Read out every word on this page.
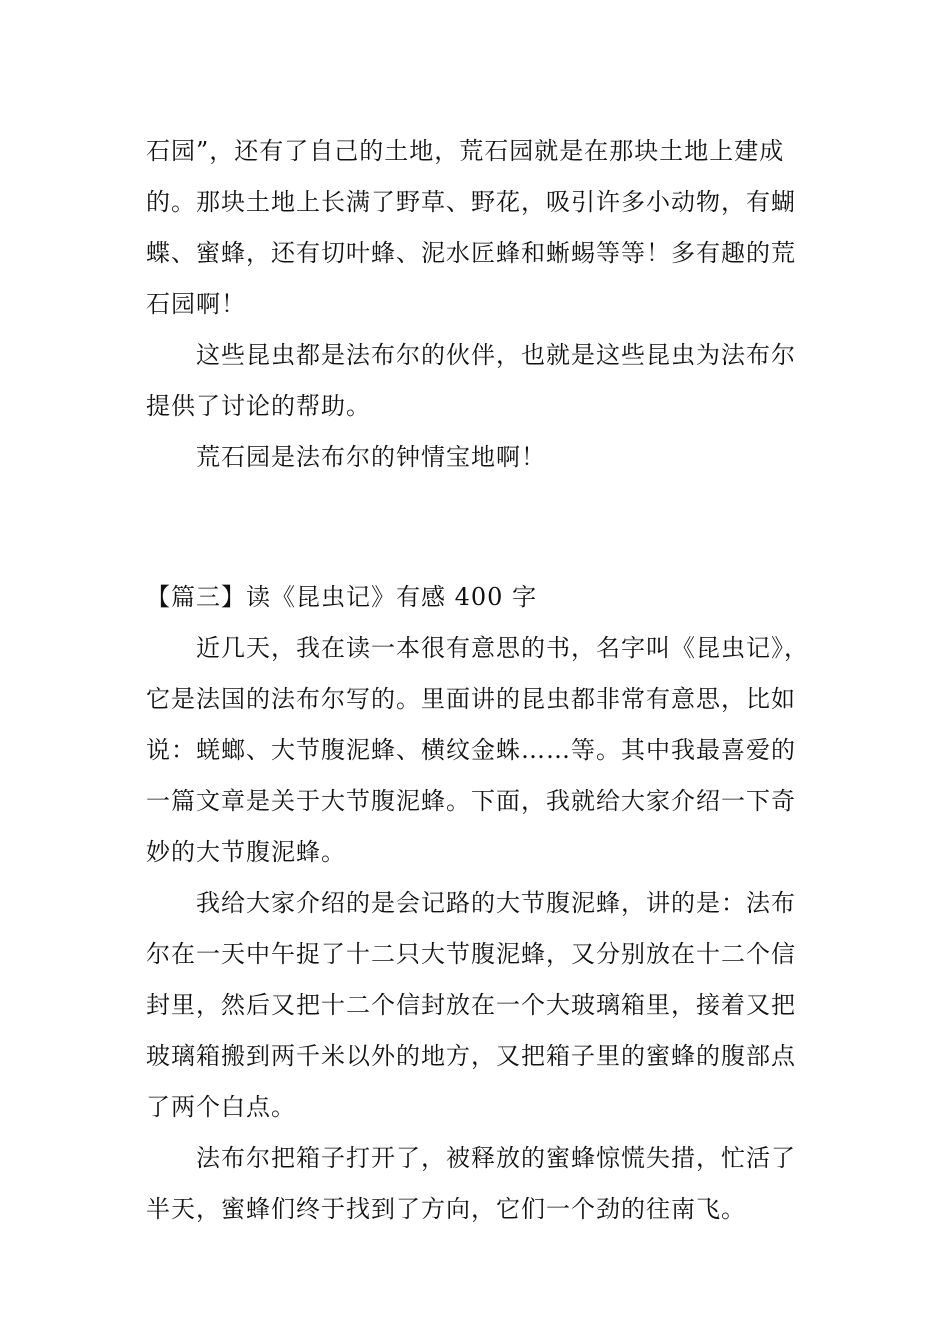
石园”，还有了自己的土地，荒石园就是在那块土地上建成的。那块土地上长满了野草、野花，吸引许多小动物，有蝴蝶、蜜蜂，还有切叶蜂、泥水匠蜂和蜥蜴等等！多有趣的荒石园啊！

这些昆虫都是法布尔的伙伴，也就是这些昆虫为法布尔提供了讨论的帮助。

荒石园是法布尔的钟情宝地啊！

【篇三】读《昆虫记》有感 400 字

近几天，我在读一本很有意思的书，名字叫《昆虫记》，它是法国的法布尔写的。里面讲的昆虫都非常有意思，比如说：蜣螂、大节腹泥蜂、横纹金蛛……等。其中我最喜爱的一篇文章是关于大节腹泥蜂。下面，我就给大家介绍一下奇妙的大节腹泥蜂。

我给大家介绍的是会记路的大节腹泥蜂，讲的是：法布尔在一天中午捉了十二只大节腹泥蜂，又分别放在十二个信封里，然后又把十二个信封放在一个大玻璃箱里，接着又把玻璃箱搬到两千米以外的地方，又把箱子里的蜜蜂的腹部点了两个白点。

法布尔把箱子打开了，被释放的蜜蜂惊慌失措，忙活了半天，蜜蜂们终于找到了方向，它们一个劲的往南飞。
